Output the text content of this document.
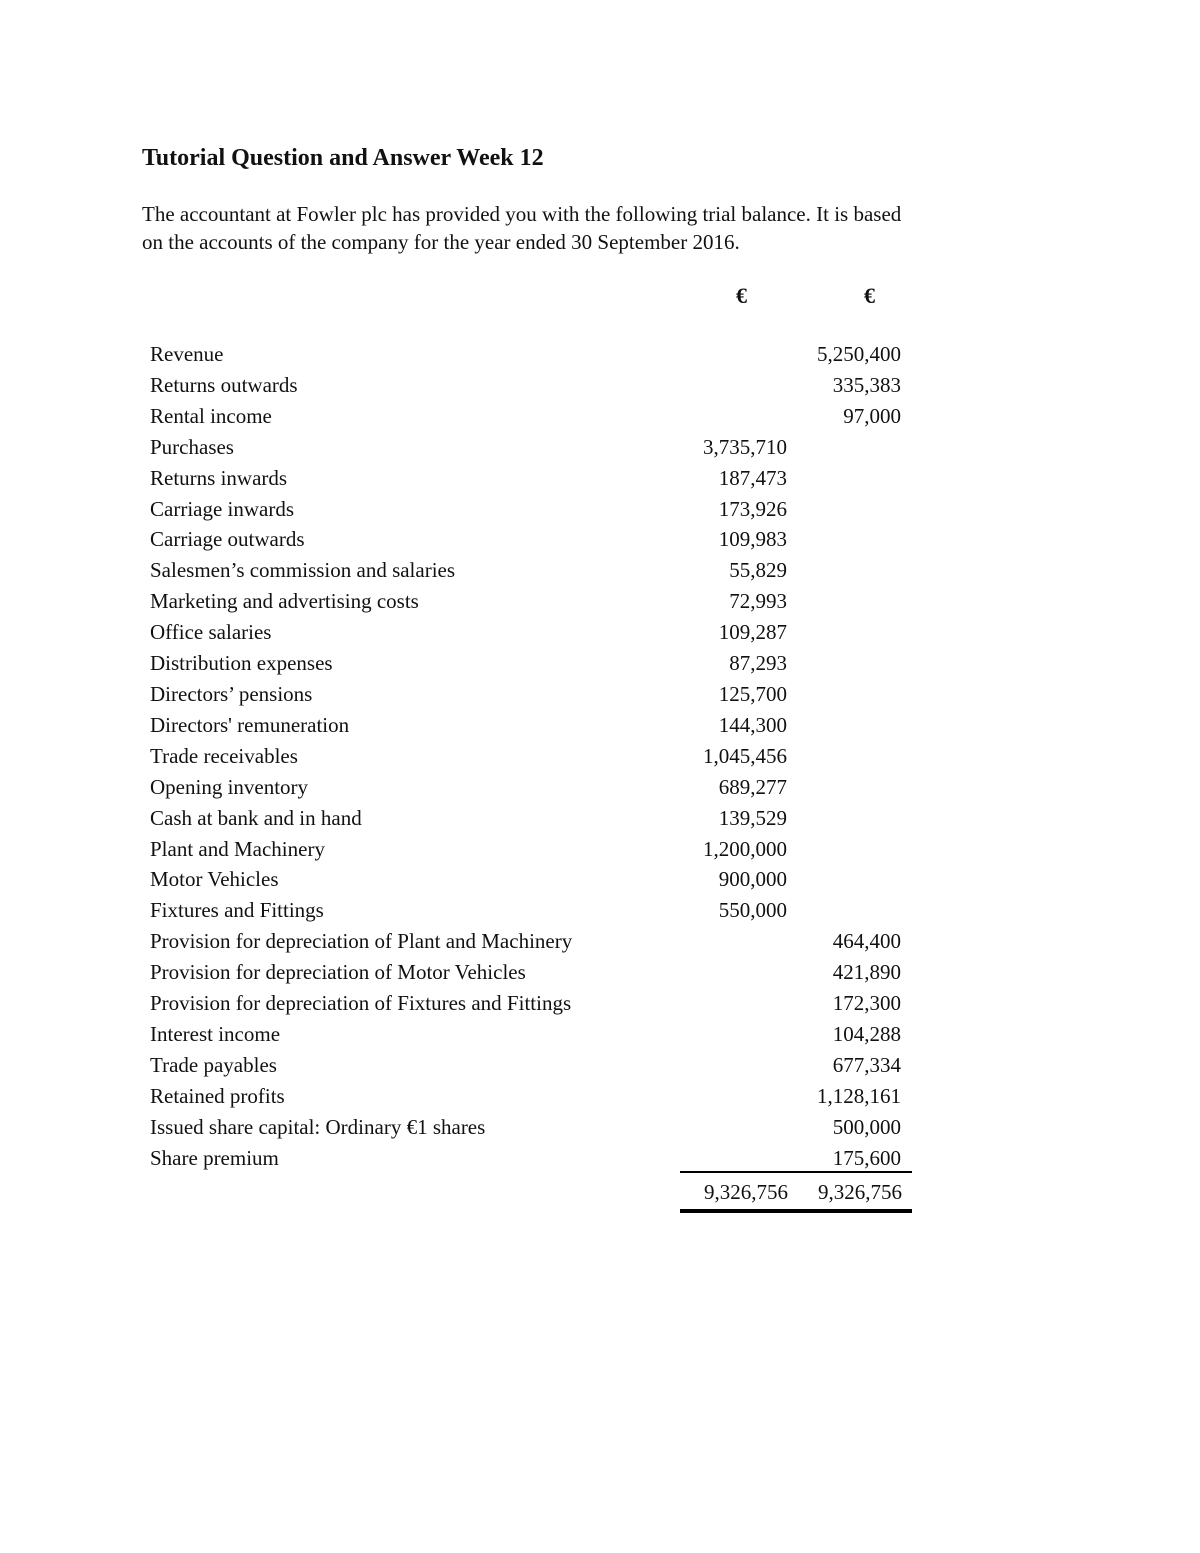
Tutorial Question and Answer Week 12

The accountant at Fowler plc has provided you with the following trial balance. It is based
on the accounts of the company for the year ended 30 September 2016.

€	€
Revenue		5,250,400
Returns outwards		335,383
Rental income		97,000
Purchases	3,735,710	
Returns inwards	187,473	
Carriage inwards	173,926	
Carriage outwards	109,983	
Salesmen’s commission and salaries	55,829	
Marketing and advertising costs	72,993	
Office salaries	109,287	
Distribution expenses	87,293	
Directors’ pensions	125,700	
Directors' remuneration	144,300	
Trade receivables	1,045,456	
Opening inventory	689,277	
Cash at bank and in hand	139,529	
Plant and Machinery	1,200,000	
Motor Vehicles	900,000	
Fixtures and Fittings	550,000	
Provision for depreciation of Plant and Machinery		464,400
Provision for depreciation of Motor Vehicles		421,890
Provision for depreciation of Fixtures and Fittings		172,300
Interest income		104,288
Trade payables		677,334
Retained profits		1,128,161
Issued share capital: Ordinary €1 shares		500,000
Share premium		175,600
9,326,756 9,326,756
